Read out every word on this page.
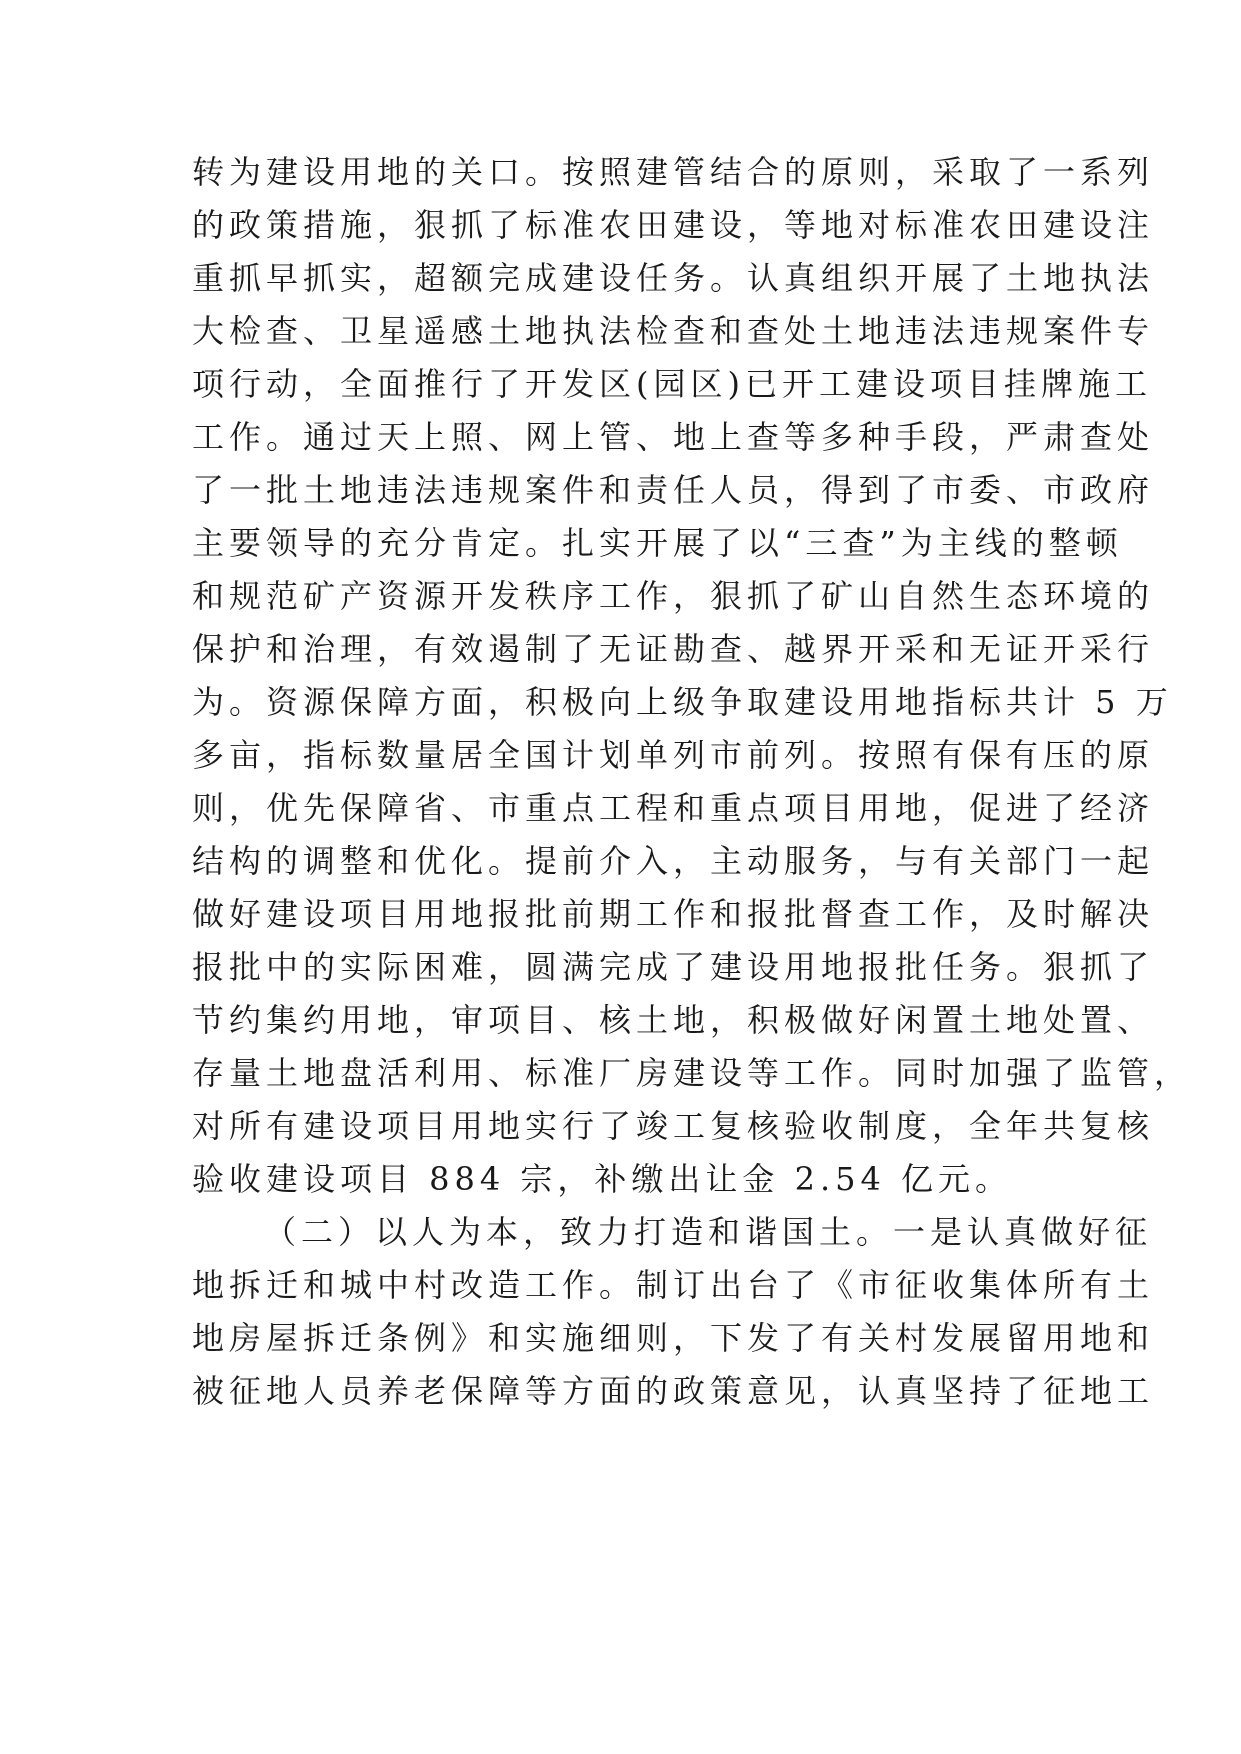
转为建设用地的关口。按照建管结合的原则，采取了一系列
的政策措施，狠抓了标准农田建设，等地对标准农田建设注
重抓早抓实，超额完成建设任务。认真组织开展了土地执法
大检查、卫星遥感土地执法检查和查处土地违法违规案件专
项行动，全面推行了开发区(园区)已开工建设项目挂牌施工
工作。通过天上照、网上管、地上查等多种手段，严肃查处
了一批土地违法违规案件和责任人员，得到了市委、市政府
主要领导的充分肯定。扎实开展了以“三查”为主线的整顿
和规范矿产资源开发秩序工作，狠抓了矿山自然生态环境的
保护和治理，有效遏制了无证勘查、越界开采和无证开采行
为。资源保障方面，积极向上级争取建设用地指标共计 5 万
多亩，指标数量居全国计划单列市前列。按照有保有压的原
则，优先保障省、市重点工程和重点项目用地，促进了经济
结构的调整和优化。提前介入，主动服务，与有关部门一起
做好建设项目用地报批前期工作和报批督查工作，及时解决
报批中的实际困难，圆满完成了建设用地报批任务。狠抓了
节约集约用地，审项目、核土地，积极做好闲置土地处置、
存量土地盘活利用、标准厂房建设等工作。同时加强了监管，
对所有建设项目用地实行了竣工复核验收制度，全年共复核
验收建设项目 884 宗，补缴出让金 2.54 亿元。
（二）以人为本，致力打造和谐国土。一是认真做好征
地拆迁和城中村改造工作。制订出台了《市征收集体所有土
地房屋拆迁条例》和实施细则，下发了有关村发展留用地和
被征地人员养老保障等方面的政策意见，认真坚持了征地工
